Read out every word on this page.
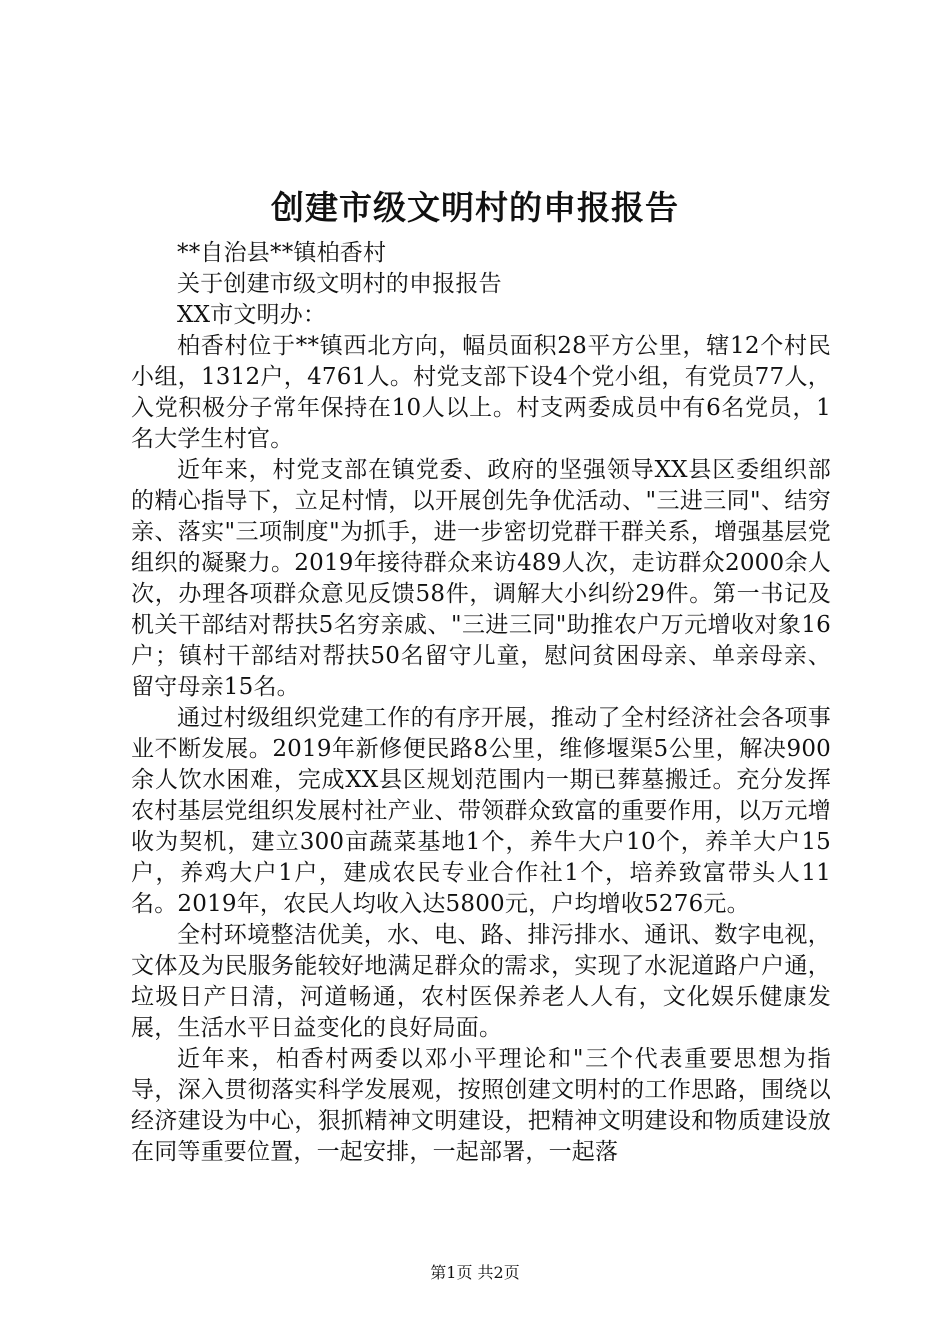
创建市级文明村的申报报告

**自治县**镇柏香村

关于创建市级文明村的申报报告

XX市文明办：

柏香村位于**镇西北方向，幅员面积28平方公里，辖12个村民小组，1312户，4761人。村党支部下设4个党小组，有党员77人，入党积极分子常年保持在10人以上。村支两委成员中有6名党员，1名大学生村官。

近年来，村党支部在镇党委、政府的坚强领导XX县区委组织部的精心指导下，立足村情，以开展创先争优活动、"三进三同"、结穷亲、落实"三项制度"为抓手，进一步密切党群干群关系，增强基层党组织的凝聚力。2019年接待群众来访489人次，走访群众2000余人次，办理各项群众意见反馈58件，调解大小纠纷29件。第一书记及机关干部结对帮扶5名穷亲戚、"三进三同"助推农户万元增收对象16户；镇村干部结对帮扶50名留守儿童，慰问贫困母亲、单亲母亲、留守母亲15名。

通过村级组织党建工作的有序开展，推动了全村经济社会各项事业不断发展。2019年新修便民路8公里，维修堰渠5公里，解决900余人饮水困难，完成XX县区规划范围内一期已葬墓搬迁。充分发挥农村基层党组织发展村社产业、带领群众致富的重要作用，以万元增收为契机，建立300亩蔬菜基地1个，养牛大户10个，养羊大户15户，养鸡大户1户，建成农民专业合作社1个，培养致富带头人11名。2019年，农民人均收入达5800元，户均增收5276元。

全村环境整洁优美，水、电、路、排污排水、通讯、数字电视，文体及为民服务能较好地满足群众的需求，实现了水泥道路户户通，垃圾日产日清，河道畅通，农村医保养老人人有，文化娱乐健康发展，生活水平日益变化的良好局面。

近年来，柏香村两委以邓小平理论和"三个代表重要思想为指导，深入贯彻落实科学发展观，按照创建文明村的工作思路，围绕以经济建设为中心，狠抓精神文明建设，把精神文明建设和物质建设放在同等重要位置，一起安排，一起部署，一起落

第1页 共2页
